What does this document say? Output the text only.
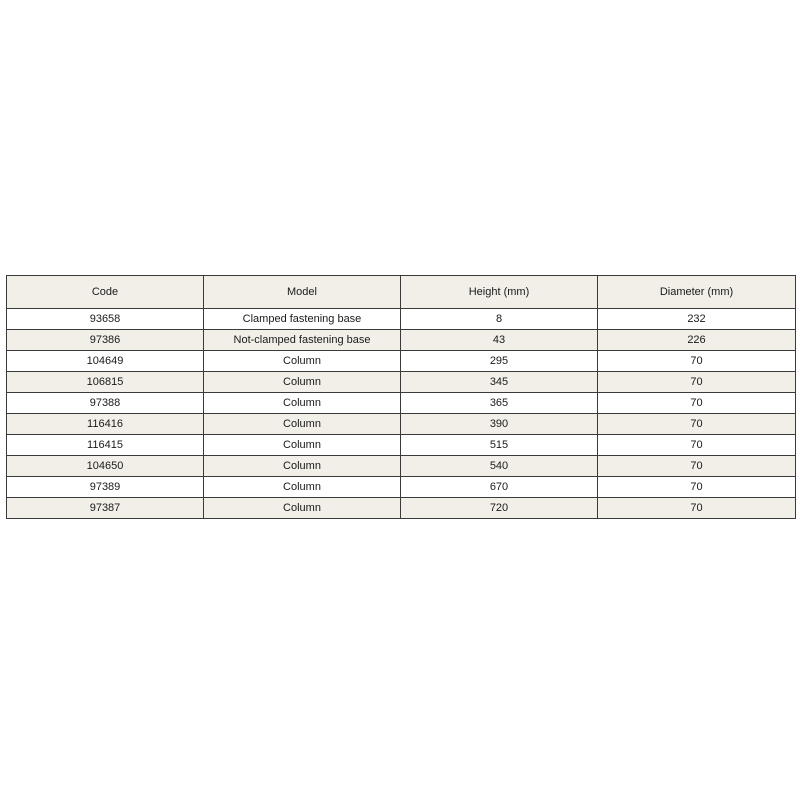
Code	Model	Height (mm)	Diameter (mm)
93658	Clamped fastening base	8	232
97386	Not-clamped fastening base	43	226
104649	Column	295	70
106815	Column	345	70
97388	Column	365	70
116416	Column	390	70
116415	Column	515	70
104650	Column	540	70
97389	Column	670	70
97387	Column	720	70
